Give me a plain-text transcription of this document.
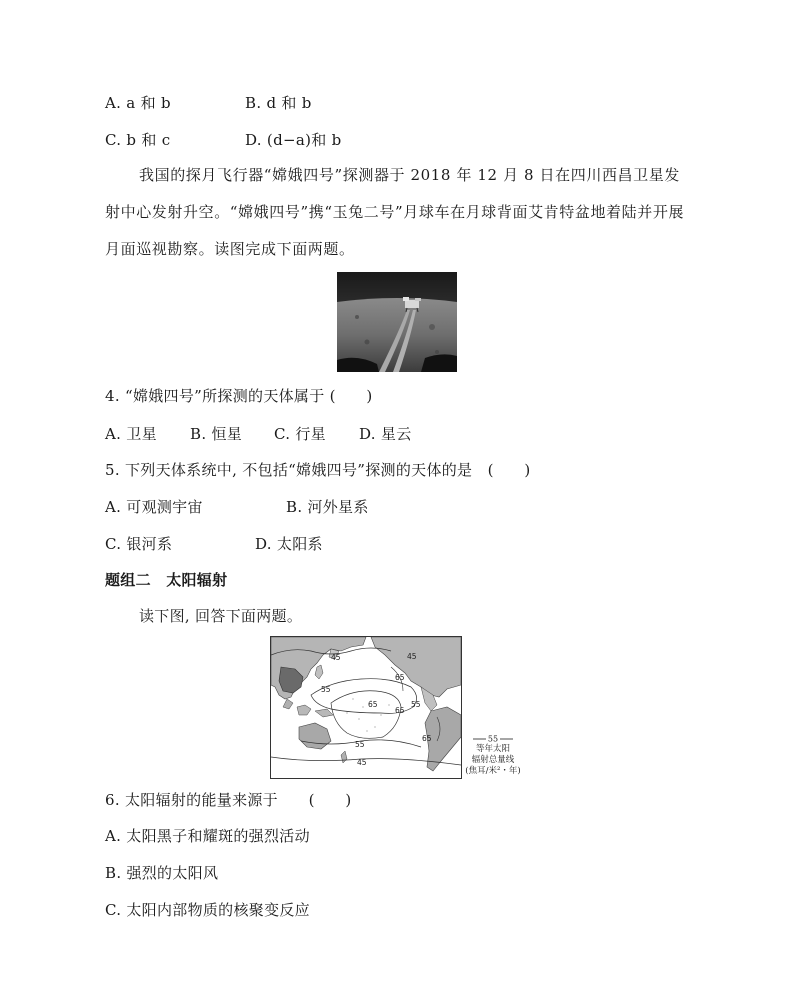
A. a 和 b	B. d 和 b
C. b 和 c	D. (d−a)和 b
我国的探月飞行器“嫦娥四号”探测器于 2018 年 12 月 8 日在四川西昌卫星发射中心发射升空。“嫦娥四号”携“玉兔二号”月球车在月球背面艾肯特盆地着陆并开展月面巡视勘察。读图完成下面两题。
4. “嫦娥四号”所探测的天体属于 (　　)
A. 卫星 B. 恒星 C. 行星 D. 星云
5. 下列天体系统中, 不包括“嫦娥四号”探测的天体的是　(　　)
A. 可观测宇宙	B. 河外星系
C. 银河系	D. 太阳系
题组二　太阳辐射
读下图, 回答下面两题。
45
55
65
65
55
45
65
65
55
45
55
等年太阳
辐射总量线
(焦耳/米²・年)
6. 太阳辐射的能量来源于　　(　　)
A. 太阳黑子和耀斑的强烈活动
B. 强烈的太阳风
C. 太阳内部物质的核聚变反应
